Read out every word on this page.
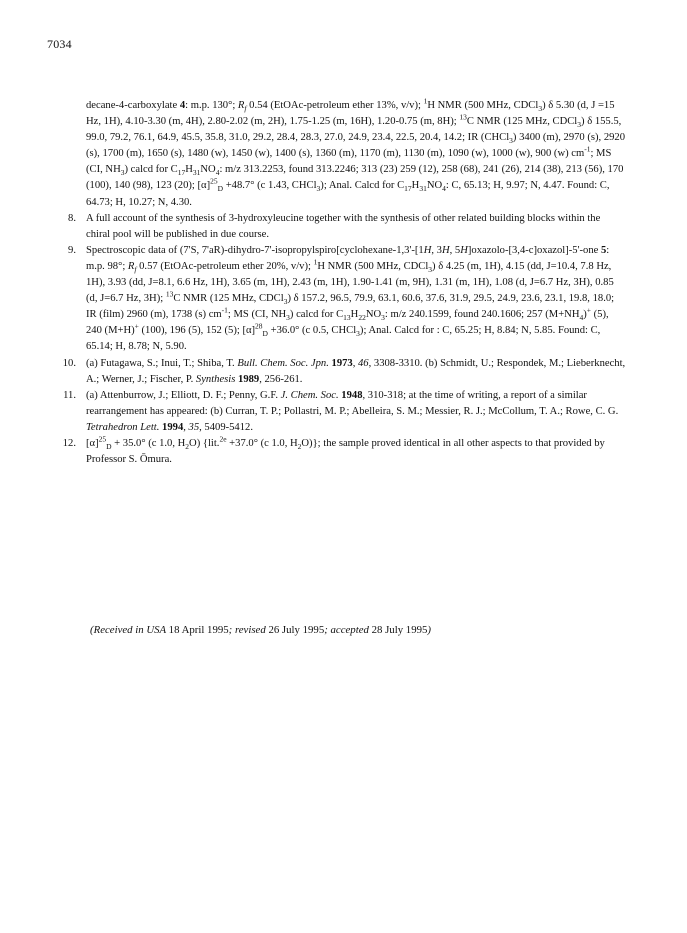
7034

decane-4-carboxylate 4: m.p. 130°; $R_f$ 0.54 (EtOAc-petroleum ether 13%, v/v); $^1$H NMR (500 MHz, CDCl$_3$) δ 5.30 (d, J =15 Hz, 1H), 4.10-3.30 (m, 4H), 2.80-2.02 (m, 2H), 1.75-1.25 (m, 16H), 1.20-0.75 (m, 8H); $^{13}$C NMR (125 MHz, CDCl$_3$) δ 155.5, 99.0, 79.2, 76.1, 64.9, 45.5, 35.8, 31.0, 29.2, 28.4, 28.3, 27.0, 24.9, 23.4, 22.5, 20.4, 14.2; IR (CHCl$_3$) 3400 (m), 2970 (s), 2920 (s), 1700 (m), 1650 (s), 1480 (w), 1450 (w), 1400 (s), 1360 (m), 1170 (m), 1130 (m), 1090 (w), 1000 (w), 900 (w) $cm^{-1}$; MS (CI, $NH_3$) calcd for $C_{17}H_{31}NO_4$: m/z 313.2253, found 313.2246; 313 (23) 259 (12), 258 (68), 241 (26), 214 (38), 213 (56), 170 (100), 140 (98), 123 (20); $[\alpha]^{25}_D +48.7^\circ$ (c 1.43, CHCl$_3$); Anal. Calcd for $C_{17}H_{31}NO_4$: C, 65.13; H, 9.97; N, 4.47. Found: C, 64.73; H, 10.27; N, 4.30.

8. A full account of the synthesis of 3-hydroxyleucine together with the synthesis of other related building blocks within the chiral pool will be published in due course.

9. Spectroscopic data of (7'S, 7'aR)-dihydro-7'-isopropylspiro[cyclohexane-1,3'-[1H, 3H, 5H]oxazolo-[3,4-c]oxazol]-5'-one 5: m.p. 98°; $R_f$ 0.57 (EtOAc-petroleum ether 20%, v/v); $^1$H NMR (500 MHz, CDCl$_3$) δ 4.25 (m, 1H), 4.15 (dd, J=10.4, 7.8 Hz, 1H), 3.93 (dd, J=8.1, 6.6 Hz, 1H), 3.65 (m, 1H), 2.43 (m, 1H), 1.90-1.41 (m, 9H), 1.31 (m, 1H), 1.08 (d, J=6.7 Hz, 3H), 0.85 (d, J=6.7 Hz, 3H); $^{13}$C NMR (125 MHz, CDCl$_3$) δ 157.2, 96.5, 79.9, 63.1, 60.6, 37.6, 31.9, 29.5, 24.9, 23.6, 23.1, 19.8, 18.0; IR (film) 2960 (m), 1738 (s) $cm^{-1}$; MS (CI, $NH_3$) calcd for $C_{13}H_{22}NO_3$: m/z 240.1599, found 240.1606; 257 $(M+NH_4)^+$ (5), 240 (M+H)+ (100), 196 (5), 152 (5); $[\alpha]^{28}_D +36.0^\circ$ (c 0.5, CHCl$_3$); Anal. Calcd for : C, 65.25; H, 8.84; N, 5.85. Found: C, 65.14; H, 8.78; N, 5.90.

10. (a) Futagawa, S.; Inui, T.; Shiba, T. Bull. Chem. Soc. Jpn. 1973, 46, 3308-3310. (b) Schmidt, U.; Respondek, M.; Lieberknecht, A.; Werner, J.; Fischer, P. Synthesis 1989, 256-261.

11. (a) Attenburrow, J.; Elliott, D. F.; Penny, G.F. J. Chem. Soc. 1948, 310-318; at the time of writing, a report of a similar rearrangement has appeared: (b) Curran, T. P.; Pollastri, M. P.; Abelleira, S. M.; Messier, R. J.; McCollum, T. A.; Rowe, C. G. Tetrahedron Lett. 1994, 35, 5409-5412.

12. $[\alpha]^{25}_D + 35.0^\circ$ (c 1.0, $H_2O$) {lit.$^{2e}$ +37.0° (c 1.0, $H_2O$)}; the sample proved identical in all other aspects to that provided by Professor S. Ōmura.

(Received in USA 18 April 1995; revised 26 July 1995; accepted 28 July 1995)
